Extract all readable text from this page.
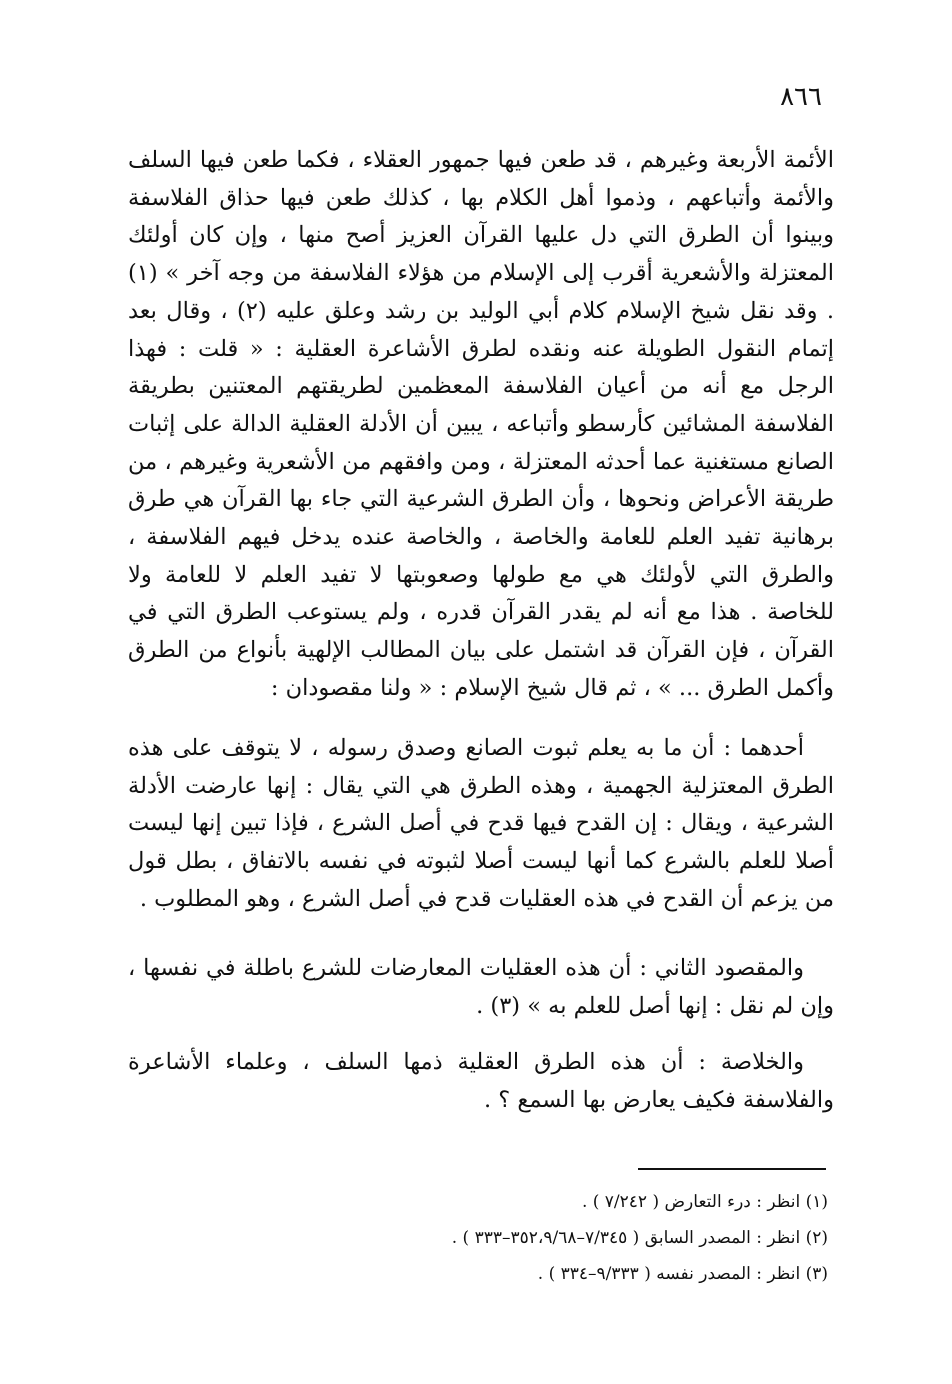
٨٦٦

الأئمة الأربعة وغيرهم ، قد طعن فيها جمهور العقلاء ، فكما طعن فيها السلف والأئمة وأتباعهم ، وذموا أهل الكلام بها ، كذلك طعن فيها حذاق الفلاسفة وبينوا أن الطرق التي دل عليها القرآن العزيز أصح منها ، وإن كان أولئك المعتزلة والأشعرية أقرب إلى الإسلام من هؤلاء الفلاسفة من وجه آخر » (١) . وقد نقل شيخ الإسلام كلام أبي الوليد بن رشد وعلق عليه (٢) ، وقال بعد إتمام النقول الطويلة عنه ونقده لطرق الأشاعرة العقلية : « قلت : فهذا الرجل مع أنه من أعيان الفلاسفة المعظمين لطريقتهم المعتنين بطريقة الفلاسفة المشائين كأرسطو وأتباعه ، يبين أن الأدلة العقلية الدالة على إثبات الصانع مستغنية عما أحدثه المعتزلة ، ومن وافقهم من الأشعرية وغيرهم ، من طريقة الأعراض ونحوها ، وأن الطرق الشرعية التي جاء بها القرآن هي طرق برهانية تفيد العلم للعامة والخاصة ، والخاصة عنده يدخل فيهم الفلاسفة ، والطرق التي لأولئك هي مع طولها وصعوبتها لا تفيد العلم لا للعامة ولا للخاصة . هذا مع أنه لم يقدر القرآن قدره ، ولم يستوعب الطرق التي في القرآن ، فإن القرآن قد اشتمل على بيان المطالب الإلهية بأنواع من الطرق وأكمل الطرق ... » ، ثم قال شيخ الإسلام : « ولنا مقصودان :

أحدهما : أن ما به يعلم ثبوت الصانع وصدق رسوله ، لا يتوقف على هذه الطرق المعتزلية الجهمية ، وهذه الطرق هي التي يقال : إنها عارضت الأدلة الشرعية ، ويقال : إن القدح فيها قدح في أصل الشرع ، فإذا تبين إنها ليست أصلا للعلم بالشرع كما أنها ليست أصلا لثبوته في نفسه بالاتفاق ، بطل قول من يزعم أن القدح في هذه العقليات قدح في أصل الشرع ، وهو المطلوب .

والمقصود الثاني : أن هذه العقليات المعارضات للشرع باطلة في نفسها ، وإن لم نقل : إنها أصل للعلم به » (٣) .

والخلاصة : أن هذه الطرق العقلية ذمها السلف ، وعلماء الأشاعرة والفلاسفة فكيف يعارض بها السمع ؟ .

(١) انظر : درء التعارض ( ٧/٢٤٢ ) .
(٢) انظر : المصدر السابق ( ٧/٣٤٥–٣٥٢،٩/٦٨–٣٣٣ ) .
(٣) انظر : المصدر نفسه ( ٩/٣٣٣–٣٣٤ ) .
